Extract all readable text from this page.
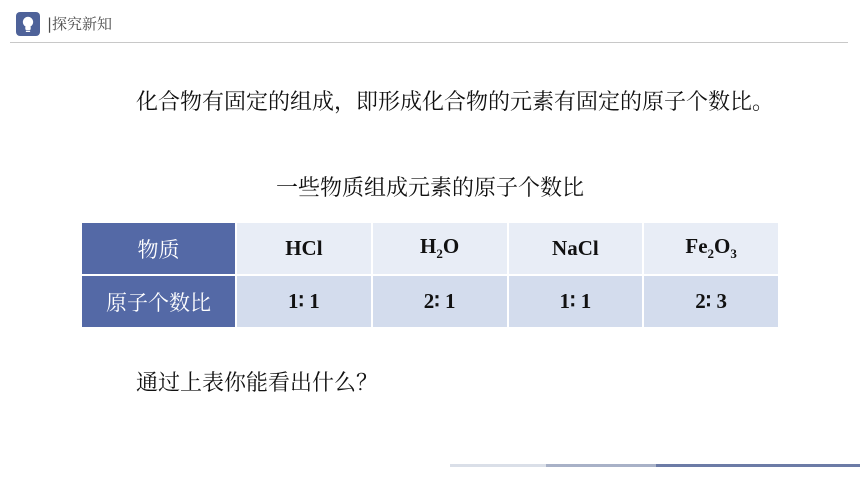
|探究新知

化合物有固定的组成，即形成化合物的元素有固定的原子个数比。

一些物质组成元素的原子个数比
物质	HCl	$H_2O$	NaCl	$Fe_2O_3$
原子个数比	1∶ 1	2∶ 1	1∶ 1	2∶ 3
通过上表你能看出什么？
